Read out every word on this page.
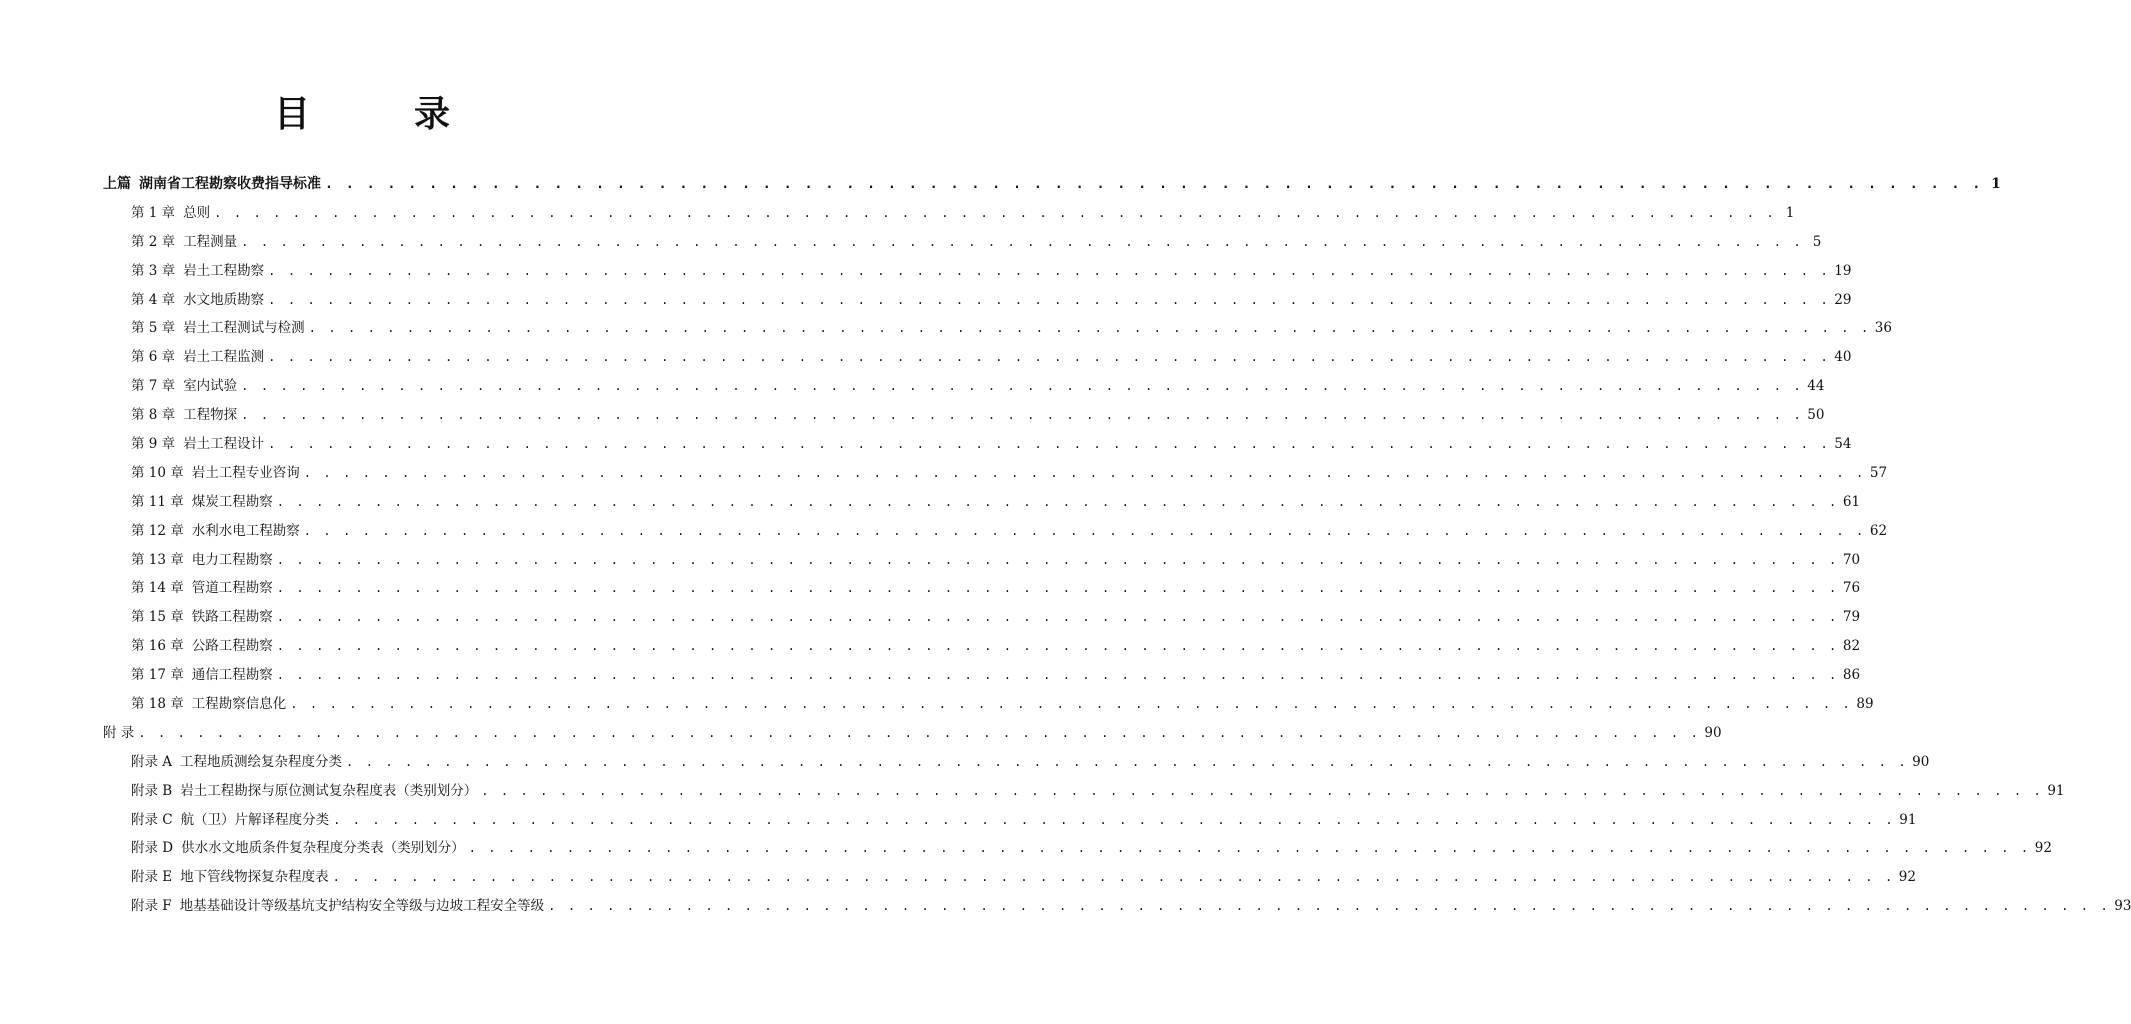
目　录
上篇 湖南省工程勘察收费指导标准 . . . . . . . . . . . . . . . . . . . . . . . . . . . . . . . . . . . . . . . . . . . . . . . . . . . . . . . . . . . . . . . . . . . . . . . . . . . . . . . . 1
第 1 章 总则 . . . . . . . . . . . . . . . . . . . . . . . . . . . . . . . . . . . . . . . . . . . . . . . . . . . . . . . . . . . . . . . . . . . . . . . . . . . . . . . . 1
第 2 章 工程测量 . . . . . . . . . . . . . . . . . . . . . . . . . . . . . . . . . . . . . . . . . . . . . . . . . . . . . . . . . . . . . . . . . . . . . . . . . . . . . . . . 5
第 3 章 岩土工程勘察 . . . . . . . . . . . . . . . . . . . . . . . . . . . . . . . . . . . . . . . . . . . . . . . . . . . . . . . . . . . . . . . . . . . . . . . . . . . . . . . . 19
第 4 章 水文地质勘察 . . . . . . . . . . . . . . . . . . . . . . . . . . . . . . . . . . . . . . . . . . . . . . . . . . . . . . . . . . . . . . . . . . . . . . . . . . . . . . . . 29
第 5 章 岩土工程测试与检测 . . . . . . . . . . . . . . . . . . . . . . . . . . . . . . . . . . . . . . . . . . . . . . . . . . . . . . . . . . . . . . . . . . . . . . . . . . . . . . . . 36
第 6 章 岩土工程监测 . . . . . . . . . . . . . . . . . . . . . . . . . . . . . . . . . . . . . . . . . . . . . . . . . . . . . . . . . . . . . . . . . . . . . . . . . . . . . . . . 40
第 7 章 室内试验 . . . . . . . . . . . . . . . . . . . . . . . . . . . . . . . . . . . . . . . . . . . . . . . . . . . . . . . . . . . . . . . . . . . . . . . . . . . . . . . . 44
第 8 章 工程物探 . . . . . . . . . . . . . . . . . . . . . . . . . . . . . . . . . . . . . . . . . . . . . . . . . . . . . . . . . . . . . . . . . . . . . . . . . . . . . . . . 50
第 9 章 岩土工程设计 . . . . . . . . . . . . . . . . . . . . . . . . . . . . . . . . . . . . . . . . . . . . . . . . . . . . . . . . . . . . . . . . . . . . . . . . . . . . . . . . 54
第 10 章 岩土工程专业咨询 . . . . . . . . . . . . . . . . . . . . . . . . . . . . . . . . . . . . . . . . . . . . . . . . . . . . . . . . . . . . . . . . . . . . . . . . . . . . . . . . 57
第 11 章 煤炭工程勘察 . . . . . . . . . . . . . . . . . . . . . . . . . . . . . . . . . . . . . . . . . . . . . . . . . . . . . . . . . . . . . . . . . . . . . . . . . . . . . . . . 61
第 12 章 水利水电工程勘察 . . . . . . . . . . . . . . . . . . . . . . . . . . . . . . . . . . . . . . . . . . . . . . . . . . . . . . . . . . . . . . . . . . . . . . . . . . . . . . . . 62
第 13 章 电力工程勘察 . . . . . . . . . . . . . . . . . . . . . . . . . . . . . . . . . . . . . . . . . . . . . . . . . . . . . . . . . . . . . . . . . . . . . . . . . . . . . . . . 70
第 14 章 管道工程勘察 . . . . . . . . . . . . . . . . . . . . . . . . . . . . . . . . . . . . . . . . . . . . . . . . . . . . . . . . . . . . . . . . . . . . . . . . . . . . . . . . 76
第 15 章 铁路工程勘察 . . . . . . . . . . . . . . . . . . . . . . . . . . . . . . . . . . . . . . . . . . . . . . . . . . . . . . . . . . . . . . . . . . . . . . . . . . . . . . . . 79
第 16 章 公路工程勘察 . . . . . . . . . . . . . . . . . . . . . . . . . . . . . . . . . . . . . . . . . . . . . . . . . . . . . . . . . . . . . . . . . . . . . . . . . . . . . . . . 82
第 17 章 通信工程勘察 . . . . . . . . . . . . . . . . . . . . . . . . . . . . . . . . . . . . . . . . . . . . . . . . . . . . . . . . . . . . . . . . . . . . . . . . . . . . . . . . 86
第 18 章 工程勘察信息化 . . . . . . . . . . . . . . . . . . . . . . . . . . . . . . . . . . . . . . . . . . . . . . . . . . . . . . . . . . . . . . . . . . . . . . . . . . . . . . . . 89
附 录 . . . . . . . . . . . . . . . . . . . . . . . . . . . . . . . . . . . . . . . . . . . . . . . . . . . . . . . . . . . . . . . . . . . . . . . . . . . . . . . . 90
附录 A 工程地质测绘复杂程度分类 . . . . . . . . . . . . . . . . . . . . . . . . . . . . . . . . . . . . . . . . . . . . . . . . . . . . . . . . . . . . . . . . . . . . . . . . . . . . . . . . 90
附录 B 岩土工程勘探与原位测试复杂程度表（类别划分） . . . . . . . . . . . . . . . . . . . . . . . . . . . . . . . . . . . . . . . . . . . . . . . . . . . . . . . . . . . . . . . . . . . . . . . . . . . . . . . . 91
附录 C 航（卫）片解译程度分类 . . . . . . . . . . . . . . . . . . . . . . . . . . . . . . . . . . . . . . . . . . . . . . . . . . . . . . . . . . . . . . . . . . . . . . . . . . . . . . . . 91
附录 D 供水水文地质条件复杂程度分类表（类别划分） . . . . . . . . . . . . . . . . . . . . . . . . . . . . . . . . . . . . . . . . . . . . . . . . . . . . . . . . . . . . . . . . . . . . . . . . . . . . . . . . 92
附录 E 地下管线物探复杂程度表 . . . . . . . . . . . . . . . . . . . . . . . . . . . . . . . . . . . . . . . . . . . . . . . . . . . . . . . . . . . . . . . . . . . . . . . . . . . . . . . . 92
附录 F 地基基础设计等级基坑支护结构安全等级与边坡工程安全等级 . . . . . . . . . . . . . . . . . . . . . . . . . . . . . . . . . . . . . . . . . . . . . . . . . . . . . . . . . . . . . . . . . . . . . . . . . . . . . . . . 93
